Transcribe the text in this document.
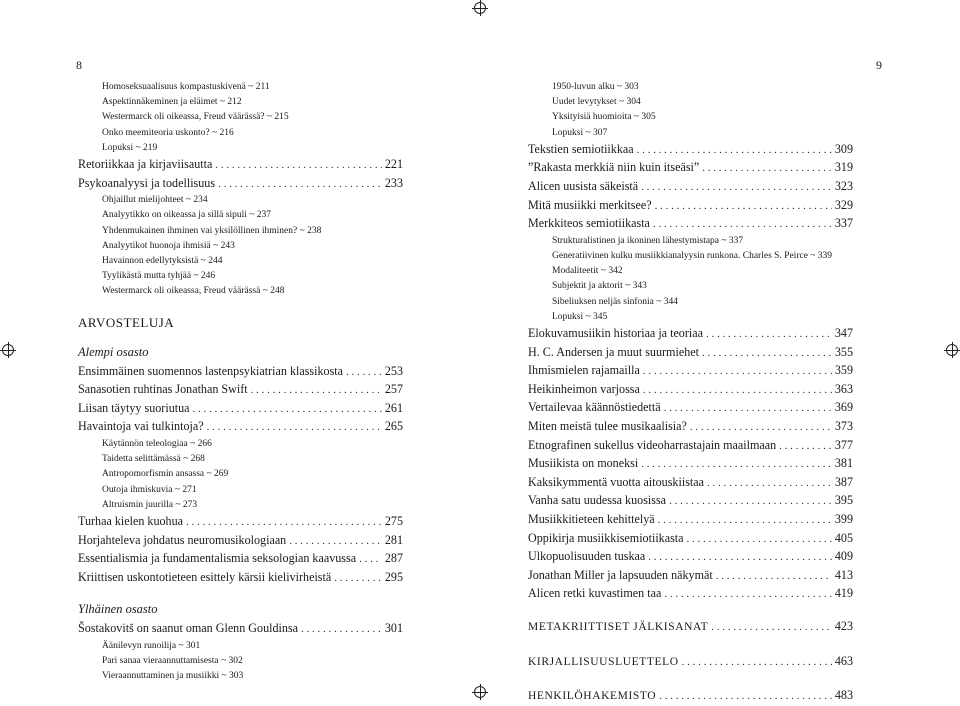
8
Homoseksuaalisuus kompastuskivenä ~ 211
Aspektinnäkeminen ja eläimet ~ 212
Westermarck oli oikeassa, Freud väärässä? ~ 215
Onko meemiteoria uskonto? ~ 216
Lopuksi ~ 219
Retoriikkaa ja kirjaviisautta . . .	221
Psykoanalyysi ja todellisuus . . .	233
Ohjaillut mielijohteet ~ 234
Analyytikko on oikeassa ja sillä sipuli ~ 237
Yhdenmukainen ihminen vai yksilöllinen ihminen? ~ 238
Analyytikot huonoja ihmisiä ~ 243
Havainnon edellytyksistä ~ 244
Tyylikästä mutta tyhjää ~ 246
Westermarck oli oikeassa, Freud väärässä ~ 248
ARVOSTELUJA
Alempi osasto
Ensimmäinen suomennos lastenpsykiatrian klassikosta . . .	253
Sanasotien ruhtinas Jonathan Swift . . .	257
Liisan täytyy suoriutua . . .	261
Havaintoja vai tulkintoja? . . .	265
Käytännön teleologiaa ~ 266
Taidetta selittämässä ~ 268
Antropomorfismin ansassa ~ 269
Outoja ihmiskuvia ~ 271
Altruismin juurilla ~ 273
Turhaa kielen kuohua . . .	275
Horjahteleva johdatus neuromusikologiaan . . .	281
Essentialismia ja fundamentalismia seksologian kaavussa . . . 287
Kriittisen uskontotieteen esittely kärsii kielivirheistä . . .	295
Ylhäinen osasto
Šostakovitš on saanut oman Glenn Gouldinsa . . .	301
Äänilevyn runoilija ~ 301
Pari sanaa vieraannuttamisesta ~ 302
Vieraannuttaminen ja musiikki ~ 303
9
1950-luvun alku ~ 303
Uudet levytykset ~ 304
Yksityisiä huomioita ~ 305
Lopuksi ~ 307
Tekstien semiotiikkaa . . .	309
”Rakasta merkkiä niin kuin itseäsi” . . .	319
Alicen uusista säkeistä . . .	323
Mitä musiikki merkitsee? . . .	329
Merkkiteos semiotiikasta . . .	337
Strukturalistinen ja ikoninen lähestymistapa ~ 337
Generatiivinen kulku musiikkianalyysin runkona. Charles S. Peirce ~ 339
Modaliteetit ~ 342
Subjektit ja aktorit ~ 343
Sibeliuksen neljäs sinfonia ~ 344
Lopuksi ~ 345
Elokuvamusiikin historiaa ja teoriaa . . .	347
H. C. Andersen ja muut suurmiehet . . .	355
Ihmismielen rajamailla . . .	359
Heikinheimon varjossa . . .	363
Vertailevaa käännöstiedettä . . .	369
Miten meistä tulee musikaalisia? . . .	373
Etnografinen sukellus videoharrastajain maailmaan . . .	377
Musiikista on moneksi . . .	381
Kaksikymmentä vuotta aitouskiistaa . . .	387
Vanha satu uudessa kuosissa . . .	395
Musiikkitieteen kehittelyä . . .	399
Oppikirja musiikkisemiotiikasta . . .	405
Ulkopuolisuuden tuskaa . . .	409
Jonathan Miller ja lapsuuden näkymät . . .	413
Alicen retki kuvastimen taa . . .	419
METAKRIITTISET JÄLKISANAT . . .	423
KIRJALLISUUSLUETTELO . . .	463
HENKILÖHAKEMISTO . . .	483
